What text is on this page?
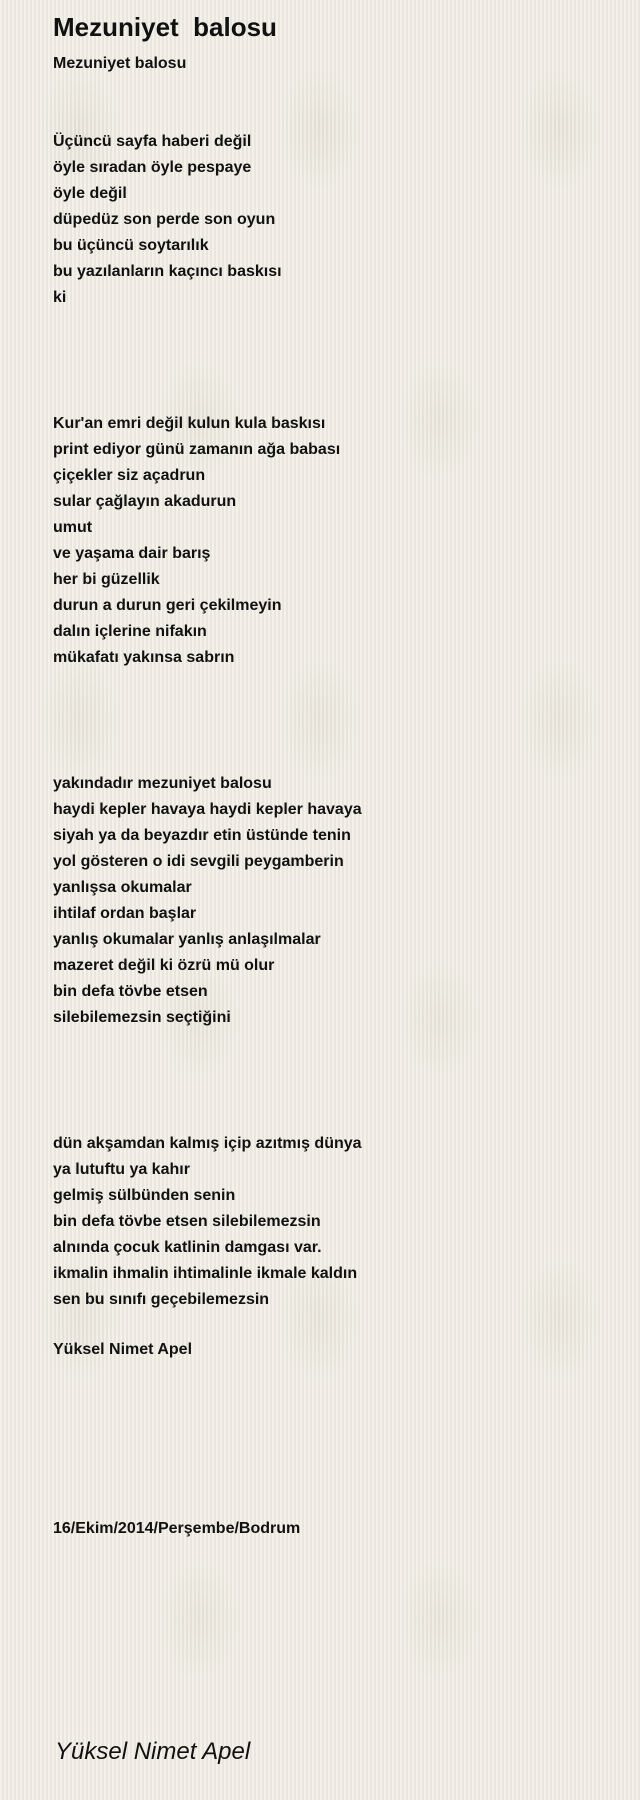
Mezuniyet  balosu
Mezuniyet balosu
Üçüncü sayfa haberi değil
öyle sıradan öyle pespaye
öyle değil
düpedüz son perde son oyun
bu üçüncü soytarılık
bu yazılanların kaçıncı baskısı
ki
Kur'an emri değil kulun kula baskısı
print ediyor günü zamanın ağa babası
çiçekler siz açadrun
sular çağlayın akadurun
umut
ve yaşama dair barış
her bi güzellik
durun a durun geri çekilmeyin
dalın içlerine nifakın
mükafatı yakınsa sabrın
yakındadır mezuniyet balosu
haydi kepler havaya haydi kepler havaya
siyah ya da beyazdır etin üstünde tenin
yol gösteren o idi sevgili peygamberin
yanlışsa okumalar
ihtilaf ordan başlar
yanlış okumalar yanlış anlaşılmalar
mazeret değil ki özrü mü olur
bin defa tövbe etsen
silebilemezsin seçtiğini
dün akşamdan kalmış içip azıtmış dünya
ya lutuftu ya kahır
gelmiş sülbünden senin
bin defa tövbe etsen silebilemezsin
alnında çocuk katlinin damgası var.
ikmalin ihmalin ihtimalinle ikmale kaldın
sen bu sınıfı geçebilemezsin
Yüksel Nimet Apel
16/Ekim/2014/Perşembe/Bodrum
Yüksel Nimet Apel
